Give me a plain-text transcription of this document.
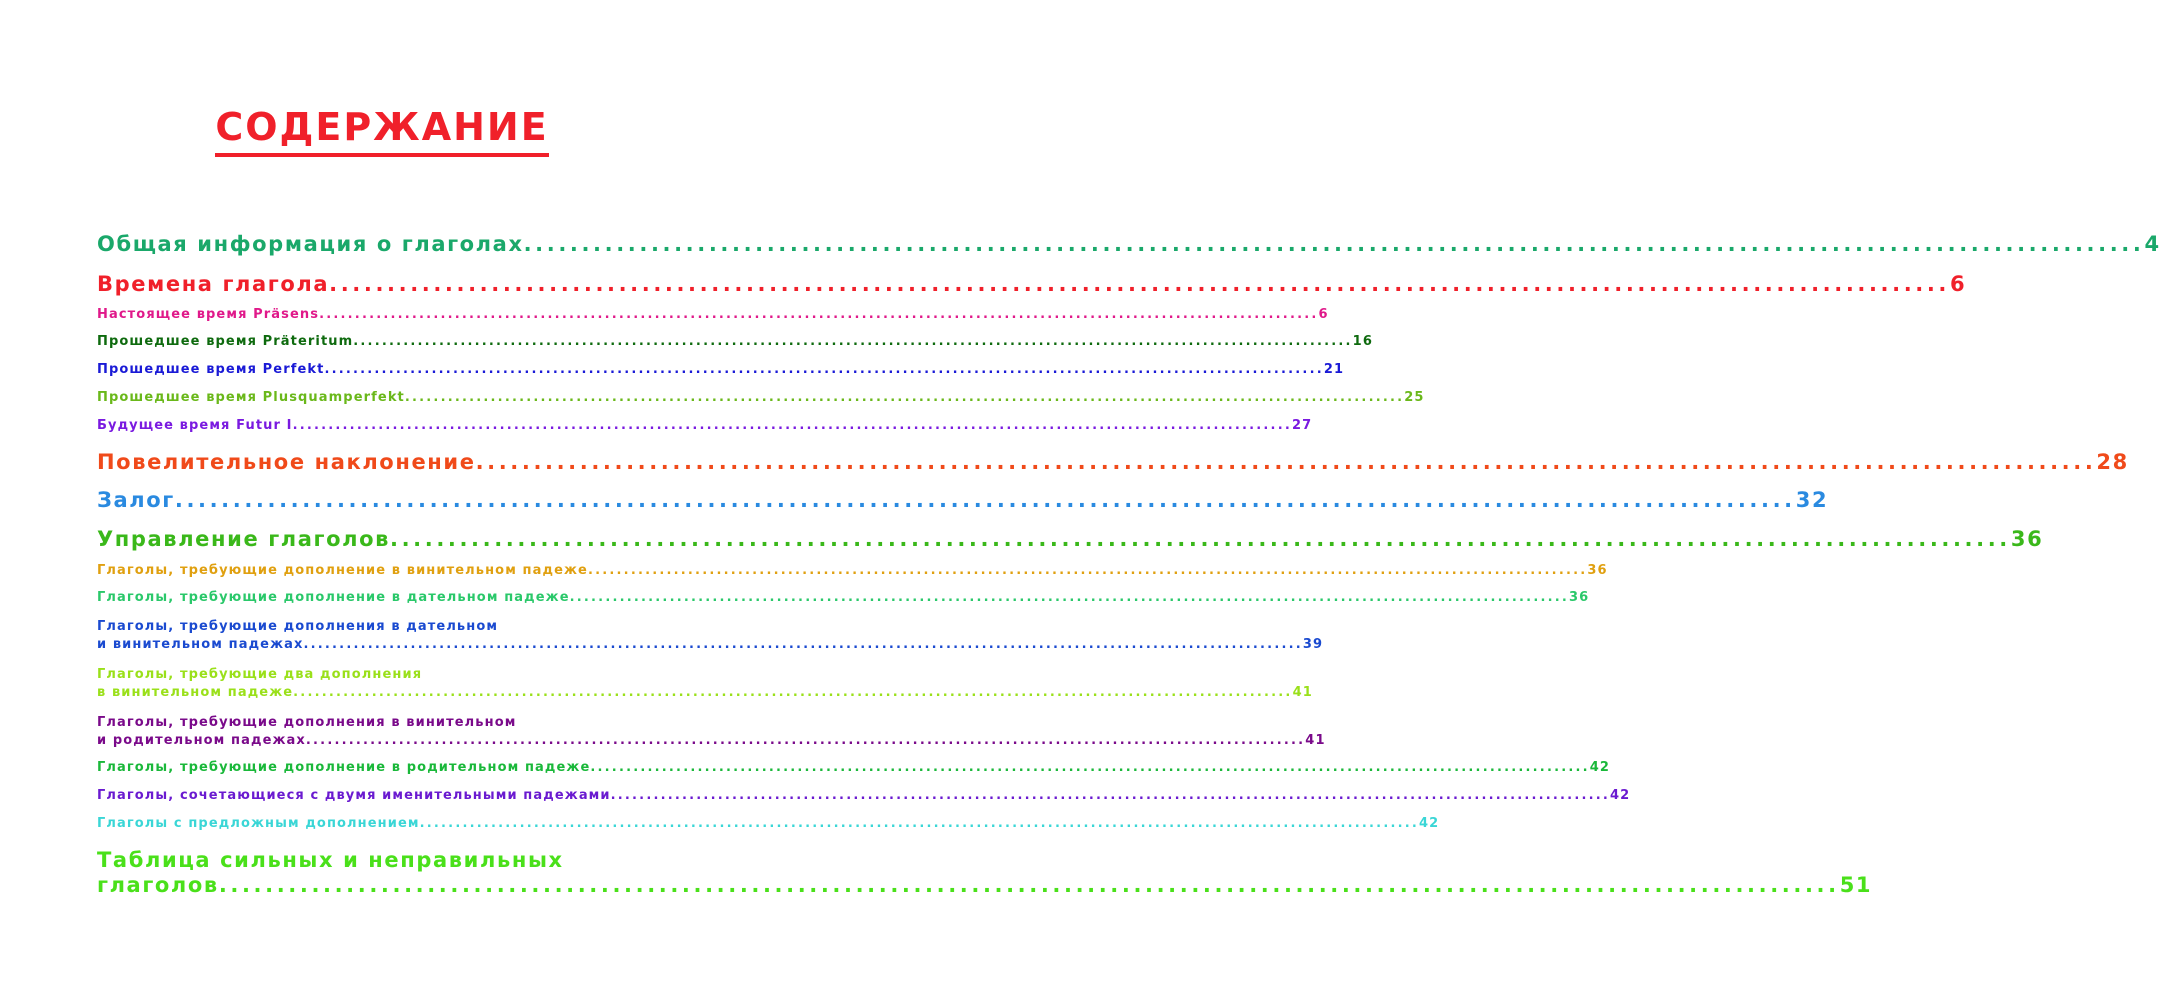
СОДЕРЖАНИЕ
Общая информация о глаголах ............................................................................................................................................ 4
Времена глагола ............................................................................................................................................ 6
Настоящее время Präsens ............................................................................................................................................ 6
Прошедшее время Präteritum ............................................................................................................................................ 16
Прошедшее время Perfekt ............................................................................................................................................ 21
Прошедшее время Plusquamperfekt ............................................................................................................................................ 25
Будущее время Futur I ............................................................................................................................................ 27
Повелительное наклонение ............................................................................................................................................ 28
Залог ............................................................................................................................................ 32
Управление глаголов ............................................................................................................................................ 36
Глаголы, требующие дополнение в винительном падеже ............................................................................................................................................ 36
Глаголы, требующие дополнение в дательном падеже ............................................................................................................................................ 36
Глаголы, требующие дополнения в дательном
и винительном падежах ............................................................................................................................................ 39
Глаголы, требующие два дополнения
в винительном падеже ............................................................................................................................................ 41
Глаголы, требующие дополнения в винительном
и родительном падежах ............................................................................................................................................ 41
Глаголы, требующие дополнение в родительном падеже ............................................................................................................................................ 42
Глаголы, сочетающиеся с двумя именительными падежами ............................................................................................................................................ 42
Глаголы с предложным дополнением ............................................................................................................................................ 42
Таблица сильных и неправильных
глаголов ............................................................................................................................................ 51
